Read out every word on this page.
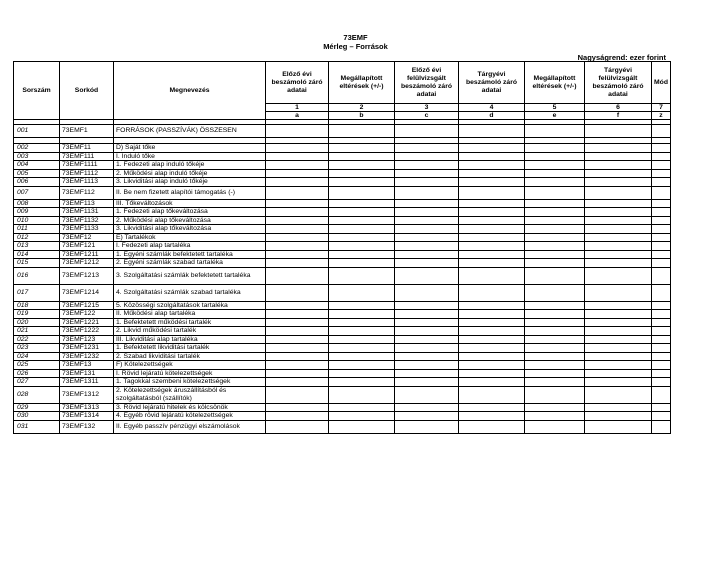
73EMF
Mérleg – Források
Nagyságrend: ezer forint
Sorszám	Sorkód	Megnevezés	Előző évi beszámoló záró adatai	Megállapított eltérések (+/-)	Előző évi felülvizsgált beszámoló záró adatai	Tárgyévi beszámoló záró adatai	Megállapított eltérések (+/-)	Tárgyévi felülvizsgált beszámoló záró adatai	Mód
			1	2	3	4	5	6	7
			a	b	c	d	e	f	z

001	73EMF1	FORRÁSOK (PASSZÍVÁK) ÖSSZESEN							

002	73EMF11	D) Saját tőke							
003	73EMF111	I. Induló tőke							
004	73EMF1111	1. Fedezeti alap induló tőkéje							
005	73EMF1112	2. Működési alap induló tőkéje							
006	73EMF1113	3. Likviditási alap induló tőkéje							
007	73EMF112	II. Be nem fizetett alapítói támogatás (-)							
008	73EMF113	III. Tőkeváltozások							
009	73EMF1131	1. Fedezeti alap tőkeváltozása							
010	73EMF1132	2. Működési alap tőkeváltozása							
011	73EMF1133	3. Likviditási alap tőkeváltozása							
012	73EMF12	E) Tartalékok							
013	73EMF121	I. Fedezeti alap tartaléka							
014	73EMF1211	1. Egyéni számlák befektetett tartaléka							
015	73EMF1212	2. Egyéni számlák szabad tartaléka							
016	73EMF1213	3. Szolgáltatási számlák befektetett tartaléka							
017	73EMF1214	4. Szolgáltatási számlák szabad tartaléka							
018	73EMF1215	5. Közösségi szolgáltatások tartaléka							
019	73EMF122	II. Működési alap tartaléka							
020	73EMF1221	1. Befektetett működési tartalék							
021	73EMF1222	2. Likvid működési tartalék							
022	73EMF123	III. Likviditási alap tartaléka							
023	73EMF1231	1. Befektetett likviditási tartalék							
024	73EMF1232	2. Szabad likviditási tartalék							
025	73EMF13	F) Kötelezettségek							
026	73EMF131	I. Rövid lejáratú kötelezettségek							
027	73EMF1311	1. Tagokkal szembeni kötelezettségek							
028	73EMF1312	2. Kötelezettségek áruszállításból és szolgáltatásból (szállítók)							
029	73EMF1313	3. Rövid lejáratú hitelek és kölcsönök							
030	73EMF1314	4. Egyéb rövid lejáratú kötelezettségek							
031	73EMF132	II. Egyéb passzív pénzügyi elszámolások							
